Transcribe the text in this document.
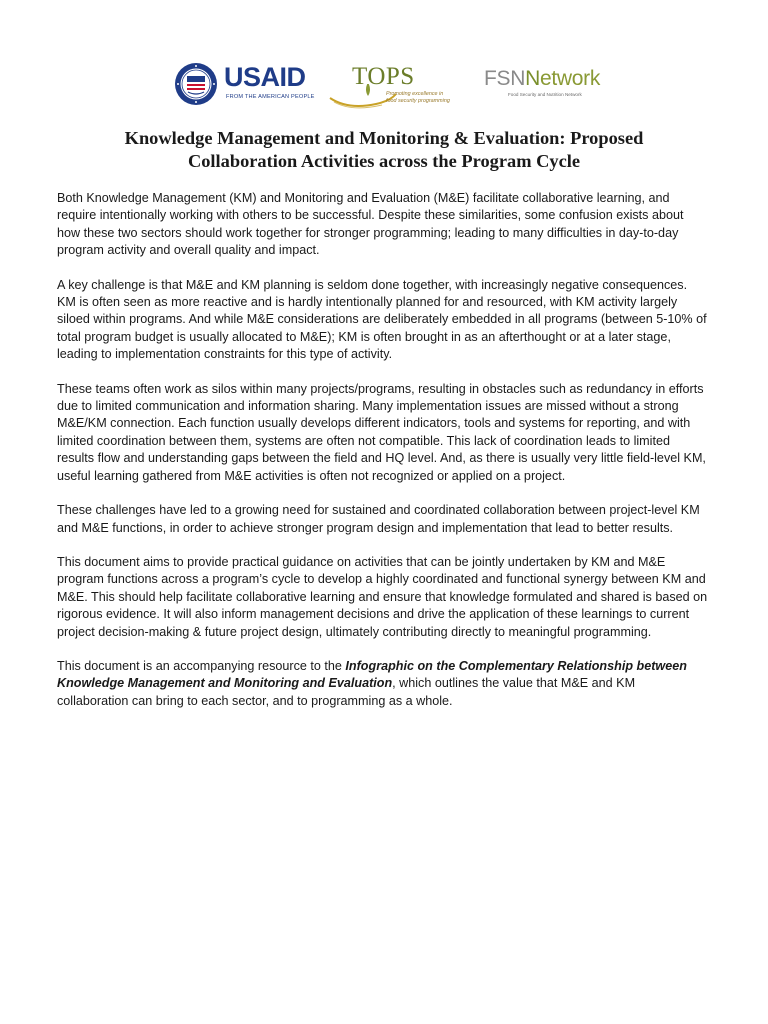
USAID
FROM THE AMERICAN PEOPLE
TOPS
Promoting excellence in
food security programming
FSNNetwork
Food Security and Nutrition Network
Knowledge Management and Monitoring & Evaluation: Proposed
Collaboration Activities across the Program Cycle

Both Knowledge Management (KM) and Monitoring and Evaluation (M&E) facilitate collaborative learning, and require intentionally working with others to be successful. Despite these similarities, some confusion exists about how these two sectors should work together for stronger programming; leading to many difficulties in day-to-day program activity and overall quality and impact.

A key challenge is that M&E and KM planning is seldom done together, with increasingly negative consequences. KM is often seen as more reactive and is hardly intentionally planned for and resourced, with KM activity largely siloed within programs. And while M&E considerations are deliberately embedded in all programs (between 5-10% of total program budget is usually allocated to M&E); KM is often brought in as an afterthought or at a later stage, leading to implementation constraints for this type of activity.

These teams often work as silos within many projects/programs, resulting in obstacles such as redundancy in efforts due to limited communication and information sharing. Many implementation issues are missed without a strong M&E/KM connection. Each function usually develops different indicators, tools and systems for reporting, and with limited coordination between them, systems are often not compatible. This lack of coordination leads to limited results flow and understanding gaps between the field and HQ level. And, as there is usually very little field-level KM, useful learning gathered from M&E activities is often not recognized or applied on a project.

These challenges have led to a growing need for sustained and coordinated collaboration between project-level KM and M&E functions, in order to achieve stronger program design and implementation that lead to better results.

This document aims to provide practical guidance on activities that can be jointly undertaken by KM and M&E program functions across a program’s cycle to develop a highly coordinated and functional synergy between KM and M&E. This should help facilitate collaborative learning and ensure that knowledge formulated and shared is based on rigorous evidence. It will also inform management decisions and drive the application of these learnings to current project decision-making & future project design, ultimately contributing directly to meaningful programming.

This document is an accompanying resource to the Infographic on the Complementary Relationship between Knowledge Management and Monitoring and Evaluation, which outlines the value that M&E and KM collaboration can bring to each sector, and to programming as a whole.
